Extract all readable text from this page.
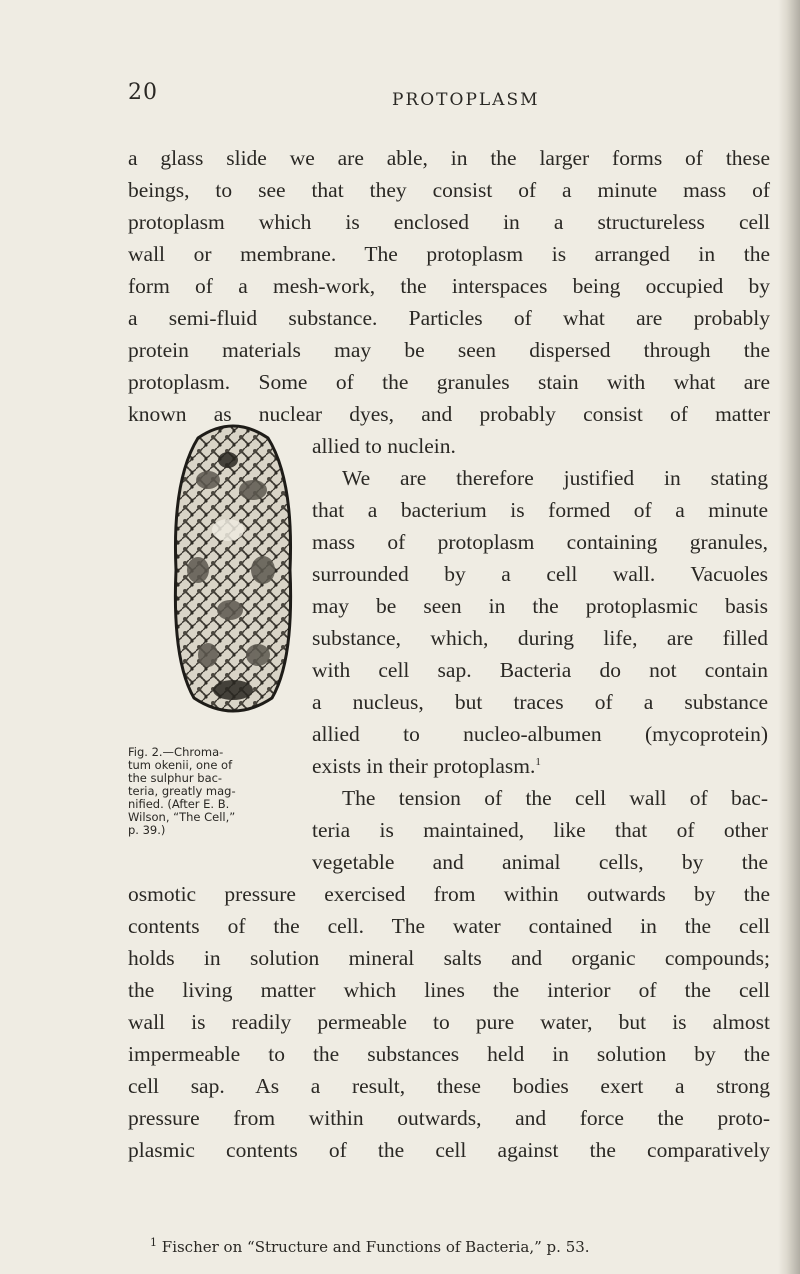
20	PROTOPLASM
a glass slide we are able, in the larger forms of these
beings, to see that they consist of a minute mass of
protoplasm which is enclosed in a structureless cell
wall or membrane. The protoplasm is arranged in the
form of a mesh-work, the interspaces being occupied by
a semi-fluid substance. Particles of what are probably
protein materials may be seen dispersed through the
protoplasm. Some of the granules stain with what are
known as nuclear dyes, and probably consist of matter
allied to nuclein.
We are therefore justified in stating
that a bacterium is formed of a minute
mass of protoplasm containing granules,
surrounded by a cell wall. Vacuoles
may be seen in the protoplasmic basis
substance, which, during life, are filled
with cell sap. Bacteria do not contain
a nucleus, but traces of a substance
allied to nucleo-albumen (mycoprotein)
exists in their protoplasm.$^1$
The tension of the cell wall of bac-
teria is maintained, like that of other
vegetable and animal cells, by the
Fig. 2.—Chroma-
tum okenii, one of
the sulphur bac-
teria, greatly mag-
nified. (After E. B.
Wilson, “The Cell,”
p. 39.)
osmotic pressure exercised from within outwards by the
contents of the cell. The water contained in the cell
holds in solution mineral salts and organic compounds;
the living matter which lines the interior of the cell
wall is readily permeable to pure water, but is almost
impermeable to the substances held in solution by the
cell sap. As a result, these bodies exert a strong
pressure from within outwards, and force the proto-
plasmic contents of the cell against the comparatively
$^1$ Fischer on “Structure and Functions of Bacteria,” p. 53.
